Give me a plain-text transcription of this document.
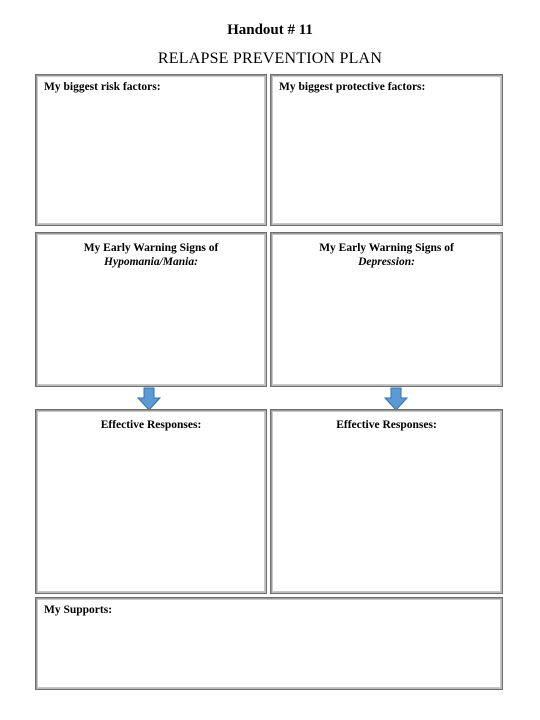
Handout # 11
RELAPSE PREVENTION PLAN
My biggest risk factors:	My biggest protective factors:
My Early Warning Signs of
Hypomania/Mania:
My Early Warning Signs of
Depression:
Effective Responses:	Effective Responses:
My Supports:
